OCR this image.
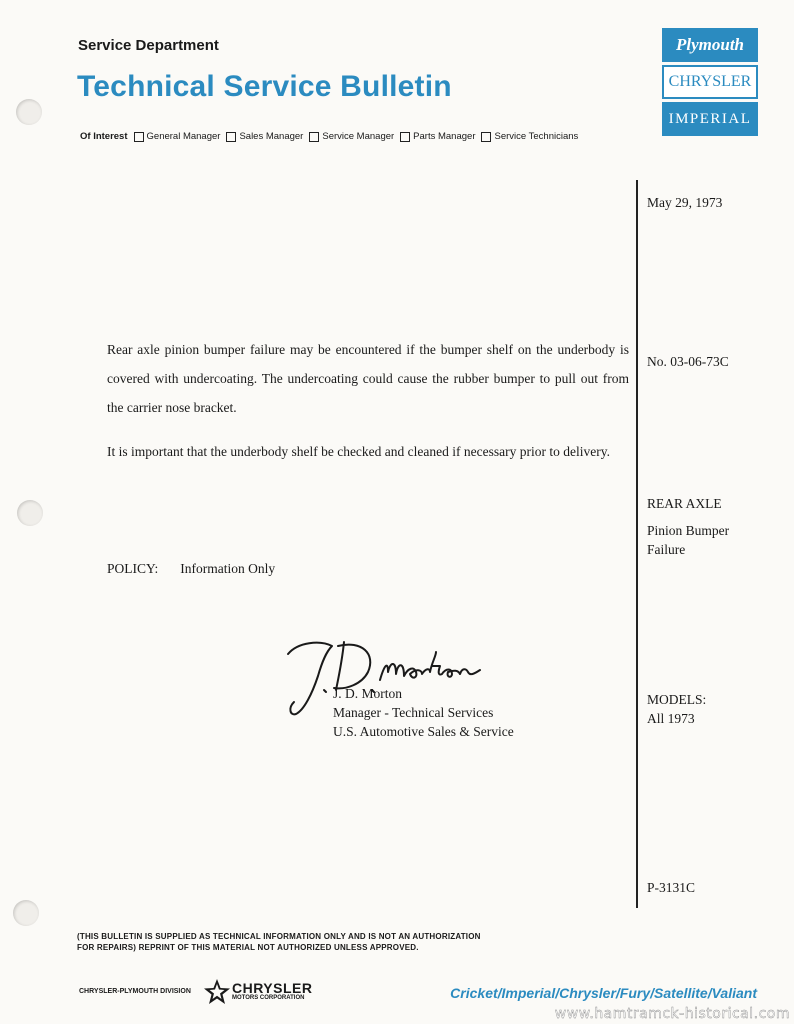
Service Department
Technical Service Bulletin
Of Interest General Manager Sales Manager Service Manager Parts Manager Service Technicians
Plymouth
CHRYSLER
IMPERIAL
May 29, 1973
No. 03-06-73C
REAR AXLE
Pinion Bumper
Failure
MODELS:
All 1973
P-3131C
Rear axle pinion bumper failure may be encountered if the bumper shelf on the underbody is covered with undercoating. The undercoating could cause the rubber bumper to pull out from the carrier nose bracket.
It is important that the underbody shelf be checked and cleaned if necessary prior to delivery.
POLICY: Information Only
J. D. Morton
Manager - Technical Services
U.S. Automotive Sales & Service
(THIS BULLETIN IS SUPPLIED AS TECHNICAL INFORMATION ONLY AND IS NOT AN AUTHORIZATION
FOR REPAIRS) REPRINT OF THIS MATERIAL NOT AUTHORIZED UNLESS APPROVED.
CHRYSLER-PLYMOUTH DIVISION	CHRYSLER
MOTORS CORPORATION	Cricket/Imperial/Chrysler/Fury/Satellite/Valiant
www.hamtramck-historical.com
